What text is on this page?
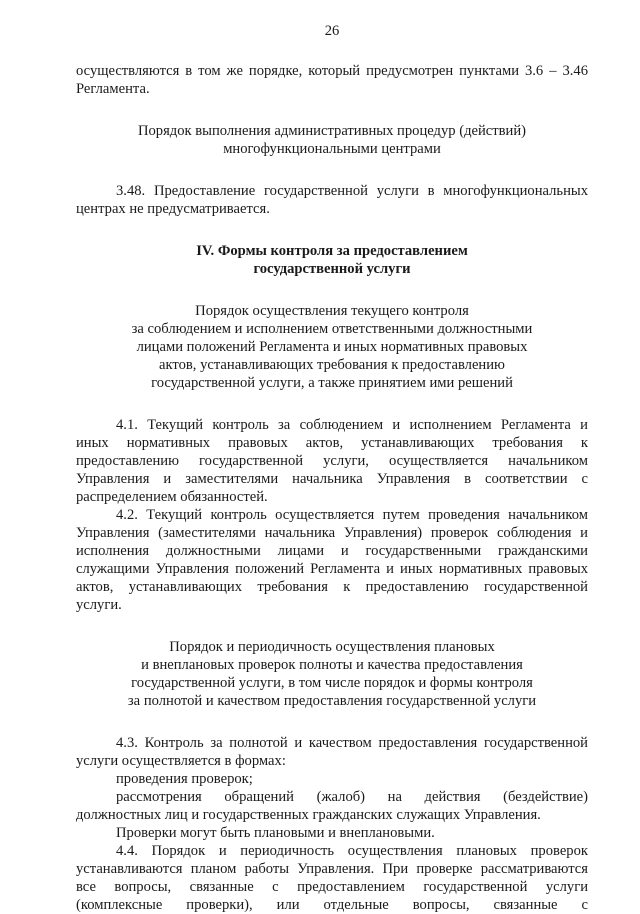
26

осуществляются в том же порядке, который предусмотрен пунктами 3.6 – 3.46

Регламента.

Порядок выполнения административных процедур (действий)

многофункциональными центрами

3.48. Предоставление государственной услуги в многофункциональных

центрах не предусматривается.

IV. Формы контроля за предоставлением

государственной услуги

Порядок осуществления текущего контроля

за соблюдением и исполнением ответственными должностными

лицами положений Регламента и иных нормативных правовых

актов, устанавливающих требования к предоставлению

государственной услуги, а также принятием ими решений

4.1. Текущий контроль за соблюдением и исполнением Регламента и

иных нормативных правовых актов, устанавливающих требования к

предоставлению государственной услуги, осуществляется начальником

Управления и заместителями начальника Управления в соответствии с

распределением обязанностей.

4.2. Текущий контроль осуществляется путем проведения начальником

Управления (заместителями начальника Управления) проверок соблюдения и

исполнения должностными лицами и государственными гражданскими

служащими Управления положений Регламента и иных нормативных правовых

актов, устанавливающих требования к предоставлению государственной

услуги.

Порядок и периодичность осуществления плановых

и внеплановых проверок полноты и качества предоставления

государственной услуги, в том числе порядок и формы контроля

за полнотой и качеством предоставления государственной услуги

4.3. Контроль за полнотой и качеством предоставления государственной

услуги осуществляется в формах:

проведения проверок;

рассмотрения обращений (жалоб) на действия (бездействие)

должностных лиц и государственных гражданских служащих Управления.

Проверки могут быть плановыми и внеплановыми.

4.4. Порядок и периодичность осуществления плановых проверок

устанавливаются планом работы Управления. При проверке рассматриваются

все вопросы, связанные с предоставлением государственной услуги

(комплексные проверки), или отдельные вопросы, связанные с
